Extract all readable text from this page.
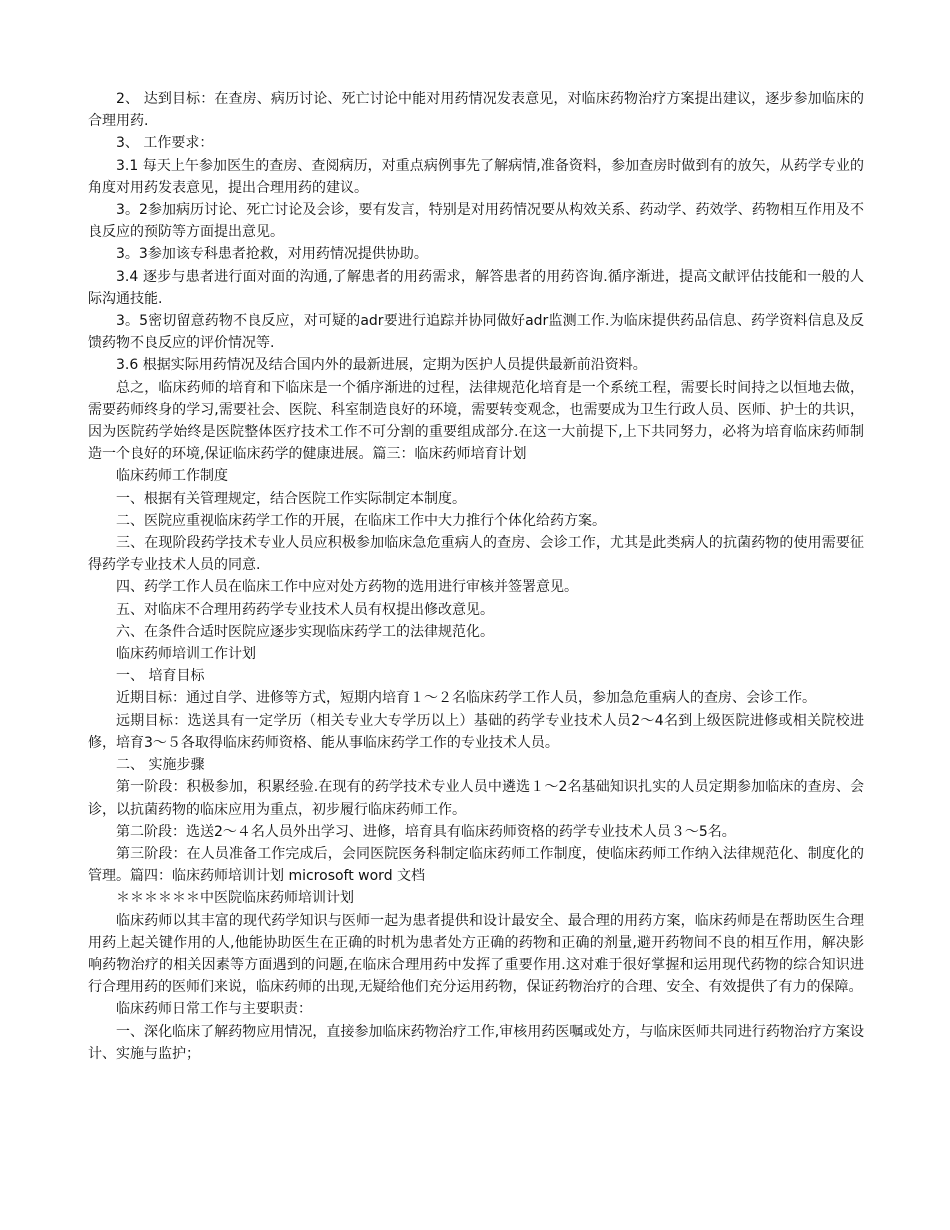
2、 达到目标：在查房、病历讨论、死亡讨论中能对用药情况发表意见，对临床药物治疗方案提出建议，逐步参加临床的合理用药.

3、 工作要求：

3.1 每天上午参加医生的查房、查阅病历，对重点病例事先了解病情,准备资料，参加查房时做到有的放矢，从药学专业的角度对用药发表意见，提出合理用药的建议。

3。2参加病历讨论、死亡讨论及会诊，要有发言，特别是对用药情况要从构效关系、药动学、药效学、药物相互作用及不良反应的预防等方面提出意见。

3。3参加该专科患者抢救，对用药情况提供协助。

3.4 逐步与患者进行面对面的沟通,了解患者的用药需求，解答患者的用药咨询.循序渐进，提高文献评估技能和一般的人际沟通技能.

3。5密切留意药物不良反应，对可疑的adr要进行追踪并协同做好adr监测工作.为临床提供药品信息、药学资料信息及反馈药物不良反应的评价情况等.

3.6 根据实际用药情况及结合国内外的最新进展，定期为医护人员提供最新前沿资料。

总之，临床药师的培育和下临床是一个循序渐进的过程，法律规范化培育是一个系统工程，需要长时间持之以恒地去做，需要药师终身的学习,需要社会、医院、科室制造良好的环境，需要转变观念，也需要成为卫生行政人员、医师、护士的共识，因为医院药学始终是医院整体医疗技术工作不可分割的重要组成部分.在这一大前提下,上下共同努力，必将为培育临床药师制造一个良好的环境,保证临床药学的健康进展。篇三：临床药师培育计划

临床药师工作制度

一、根据有关管理规定，结合医院工作实际制定本制度。

二、医院应重视临床药学工作的开展，在临床工作中大力推行个体化给药方案。

三、在现阶段药学技术专业人员应积极参加临床急危重病人的查房、会诊工作，尤其是此类病人的抗菌药物的使用需要征得药学专业技术人员的同意.

四、药学工作人员在临床工作中应对处方药物的选用进行审核并签署意见。

五、对临床不合理用药药学专业技术人员有权提出修改意见。

六、在条件合适时医院应逐步实现临床药学工的法律规范化。

临床药师培训工作计划

一、 培育目标

近期目标：通过自学、进修等方式，短期内培育１～２名临床药学工作人员，参加急危重病人的查房、会诊工作。

远期目标：选送具有一定学历（相关专业大专学历以上）基础的药学专业技术人员2～4名到上级医院进修或相关院校进修，培育3～５各取得临床药师资格、能从事临床药学工作的专业技术人员。

二、 实施步骤

第一阶段：积极参加，积累经验.在现有的药学技术专业人员中遴选１～2名基础知识扎实的人员定期参加临床的查房、会诊，以抗菌药物的临床应用为重点，初步履行临床药师工作。

第二阶段：选送2～４名人员外出学习、进修，培育具有临床药师资格的药学专业技术人员３～5名。

第三阶段：在人员准备工作完成后，会同医院医务科制定临床药师工作制度，使临床药师工作纳入法律规范化、制度化的管理。篇四：临床药师培训计划 microsoft word 文档

＊＊＊＊＊＊中医院临床药师培训计划

临床药师以其丰富的现代药学知识与医师一起为患者提供和设计最安全、最合理的用药方案，临床药师是在帮助医生合理用药上起关键作用的人,他能协助医生在正确的时机为患者处方正确的药物和正确的剂量,避开药物间不良的相互作用，解决影响药物治疗的相关因素等方面遇到的问题,在临床合理用药中发挥了重要作用.这对难于很好掌握和运用现代药物的综合知识进行合理用药的医师们来说，临床药师的出现,无疑给他们充分运用药物，保证药物治疗的合理、安全、有效提供了有力的保障。

临床药师日常工作与主要职责：

一、深化临床了解药物应用情况，直接参加临床药物治疗工作,审核用药医嘱或处方，与临床医师共同进行药物治疗方案设计、实施与监护；
